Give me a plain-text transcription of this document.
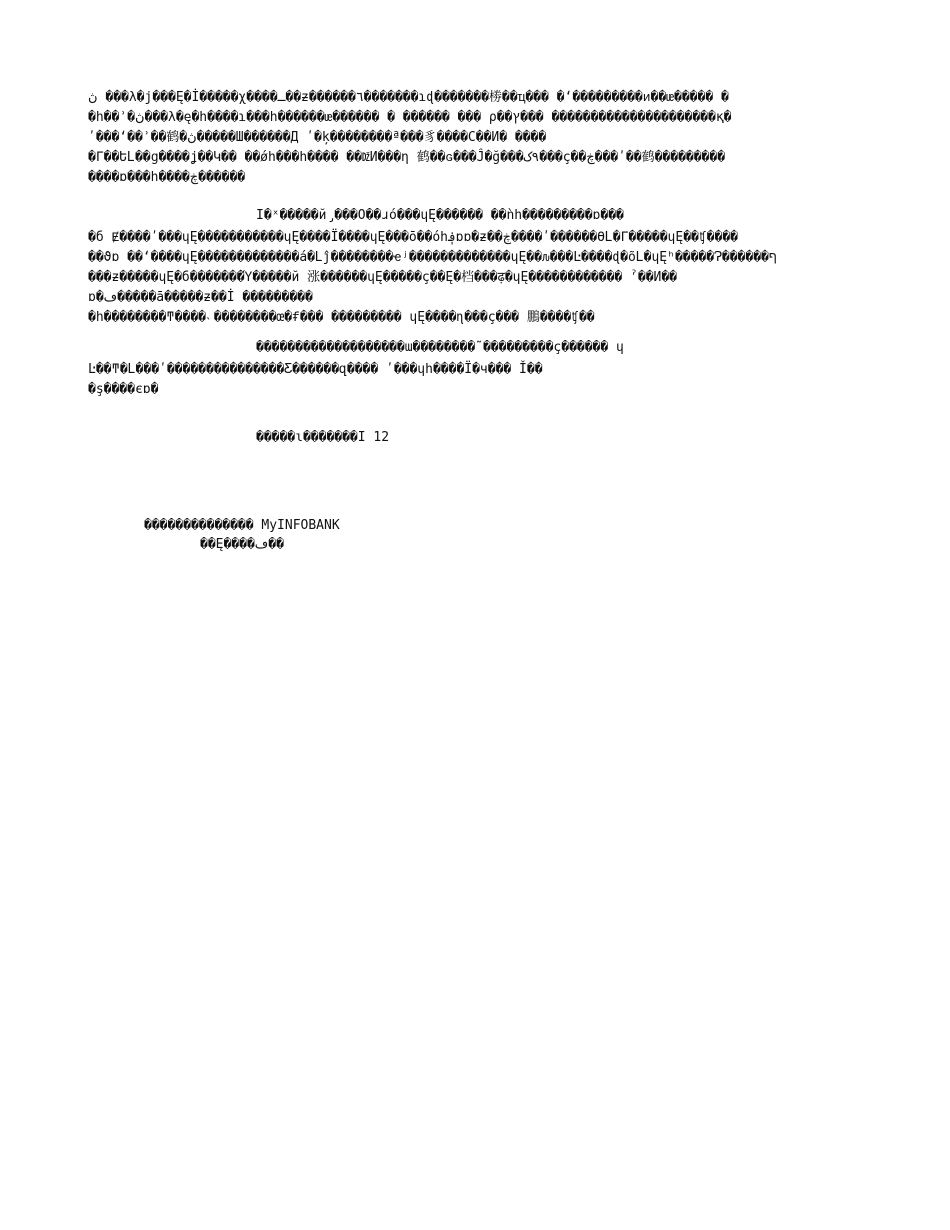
ڽ ���λ�j���Ę�İ�����χ����ـ��ƶ������٦�������ɿɖ�������椦��ҵ��� �ʻ���������ᴎ��ᵫ����� �
�h��ʾ�ڽ���λ�ę�h����ɿ���h������ᵫ������ � ������ ��� ρ��ץ��� ���������������������қ�
ʹ���ʻ��ʾ��鹤�ڽ�����Ш������Д ʹ�ķ��������ª���豸����С��И� ����
�Γ��ԵԼ��ց����ʝ��Կ�� ��ǿh���h���� ��ǅИ���η 鹤��ԍ���Ĵ�ğ���٩ک���ç��ڿ���ʹ��鹤���������
����ɒ���h����ڿ������
Ï�ˣ�����й̡���Ӧ��ɹó���ɥĘ������ ��ǹh���������ɒ���
�б Ɇ����ʹ���ɥĘ�����������ɥĘ����Ï����ɥĘ���ō��όh؋ɒɒ�ƶ��ڿ����ʹ������ϴԼ�Γ�����ɥĘ��ʧ����
��ϑɒ ��ʻ����ɥĘ�������������á�Լĵ��������ҽʲ�������������ɥĘ��ԉ���Ŀ����ɖ�õԼ�ɥĘʰ�����Ɂ������ף
���ƶ�����ɥĘ�б�������Ύ�����й 涨������ɥĘ�����ç��Ę�档���ढ़�ɥĘ������������ ˀ��И��
ɒ�ڡ�����ā�����ƶ��İ ���������
�h��������ͳ����˴��������œ�ᵮ��� ��������� ɥĘ����ɳ���ç��� 鵬����ʧ��
�������������������ɯ��������˜���������ç������ ɥ
Ŀ��ͳ�Լ���ʹ���������������Ƹ������զ���� ʹ���ɥh����Ï�ч��� Ǐ��
�ş����єɒ�
�����ɩ�������Ï 12
�������������� MyINFOBANK
��Ę����ڡ��
